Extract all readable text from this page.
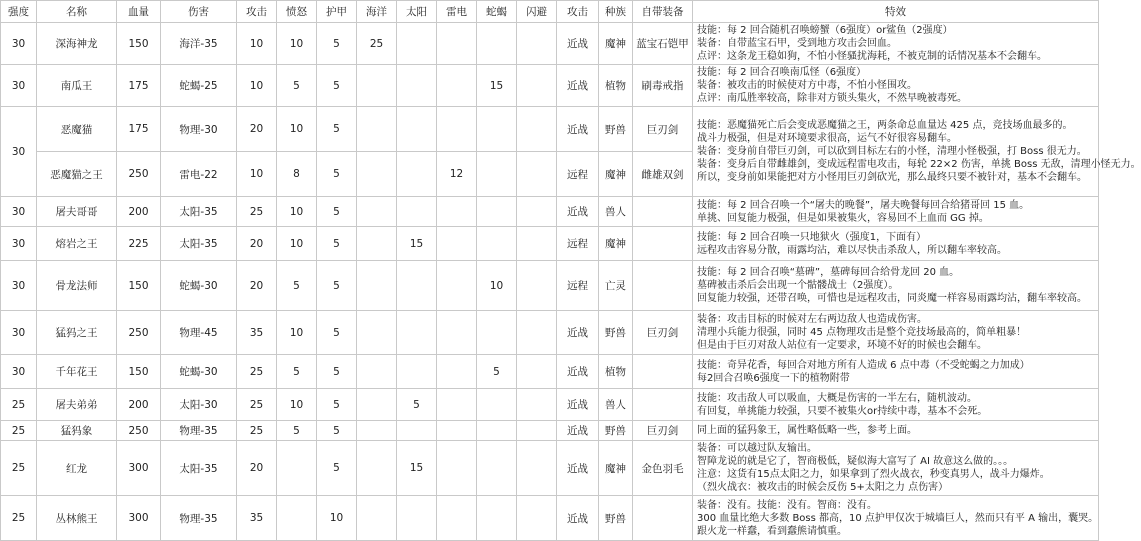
强度	名称	血量	伤害	攻击	愤怒	护甲	海洋	太阳	雷电	蛇蝎	闪避	攻击	种族	自带装备	特效
30	深海神龙	150	海洋-35	10	10	5	25					近战	魔神	蓝宝石铠甲	技能：每 2 回合随机召唤螃蟹（6强度）or鲨鱼（2强度）
装备：自带蓝宝石甲，受到地方攻击会回血。
点评：这条龙王稳如狗，不怕小怪骚扰海耗，不被克制的话情况基本不会翻车。

30	南瓜王	175	蛇蝎-25	10	5	5				15		近战	植物	刷毒戒指	技能：每 2 回合召唤南瓜怪（6强度）
装备：被攻击的时候使对方中毒，不怕小怪围攻。
点评：南瓜胜率较高，除非对方锁头集火，不然早晚被毒死。

30	恶魔猫	175	物理-30	20	10	5						近战	野兽	巨刃剑	技能：恶魔猫死亡后会变成恶魔猫之王，两条命总血量达 425 点，竞技场血最多的。
战斗力极强，但是对环境要求很高，运气不好很容易翻车。
装备：变身前自带巨刃剑，可以砍到目标左右的小怪，清理小怪极强，打 Boss 很无力。
装备：变身后自带雌雄剑，变成远程雷电攻击，每轮 22×2 伤害，单挑 Boss 无敌，清理小怪无力。
所以，变身前如果能把对方小怪用巨刃剑砍光，那么最终只要不被针对，基本不会翻车。

	恶魔猫之王	250	雷电-22	10	8	5			12			远程	魔神	雌雄双剑	
30	屠夫哥哥	200	太阳-35	25	10	5						近战	兽人		技能：每 2 回合召唤一个“屠夫的晚餐”，屠夫晚餐每回合给猪哥回 15 血。
单挑、回复能力极强，但是如果被集火，容易回不上血而 GG 掉。

30	熔岩之王	225	太阳-35	20	10	5		15				远程	魔神		技能：每 2 回合召唤一只地狱火（强度1，下面有）
远程攻击容易分散，雨露均沾，难以尽快击杀敌人，所以翻车率较高。

30	骨龙法师	150	蛇蝎-30	20	5	5				10		远程	亡灵		技能：每 2 回合召唤“墓碑”，墓碑每回合给骨龙回 20 血。
墓碑被击杀后会出现一个骷髅战士（2强度）。
回复能力较强，还带召唤，可惜也是远程攻击，同炎魔一样容易雨露均沾，翻车率较高。

30	猛犸之王	250	物理-45	35	10	5						近战	野兽	巨刃剑	装备：攻击目标的时候对左右两边敌人也造成伤害。
清理小兵能力很强，同时 45 点物理攻击是整个竞技场最高的，简单粗暴！
但是由于巨刃对敌人站位有一定要求，环境不好的时候也会翻车。

30	千年花王	150	蛇蝎-30	25	5	5				5		近战	植物		技能：奇异花香，每回合对地方所有人造成 6 点中毒（不受蛇蝎之力加成）
每2回合召唤6强度一下的植物附带

25	屠夫弟弟	200	太阳-30	25	10	5		5				近战	兽人		技能：攻击敌人可以吸血，大概是伤害的一半左右，随机波动。
有回复，单挑能力较强，只要不被集火or持续中毒，基本不会死。

25	猛犸象	250	物理-35	25	5	5						近战	野兽	巨刃剑	同上面的猛犸象王，属性略低略一些，参考上面。

25	红龙	300	太阳-35	20		5		15				近战	魔神	金色羽毛	装备：可以越过队友输出。
智障龙说的就是它了，智商极低，疑似海大富写了 AI 故意这么做的。。。
注意：这货有15点太阳之力，如果拿到了烈火战衣，秒变真男人，战斗力爆炸。
（烈火战衣：被攻击的时候会反伤 5+太阳之力 点伤害）

25	丛林熊王	300	物理-35	35		10						近战	野兽		装备：没有。技能：没有。智商：没有。
300 血量比绝大多数 Boss 都高，10 点护甲仅次于城墙巨人，然而只有平 A 输出，囊哭。
跟火龙一样蠢，看到蠢熊请慎重。
